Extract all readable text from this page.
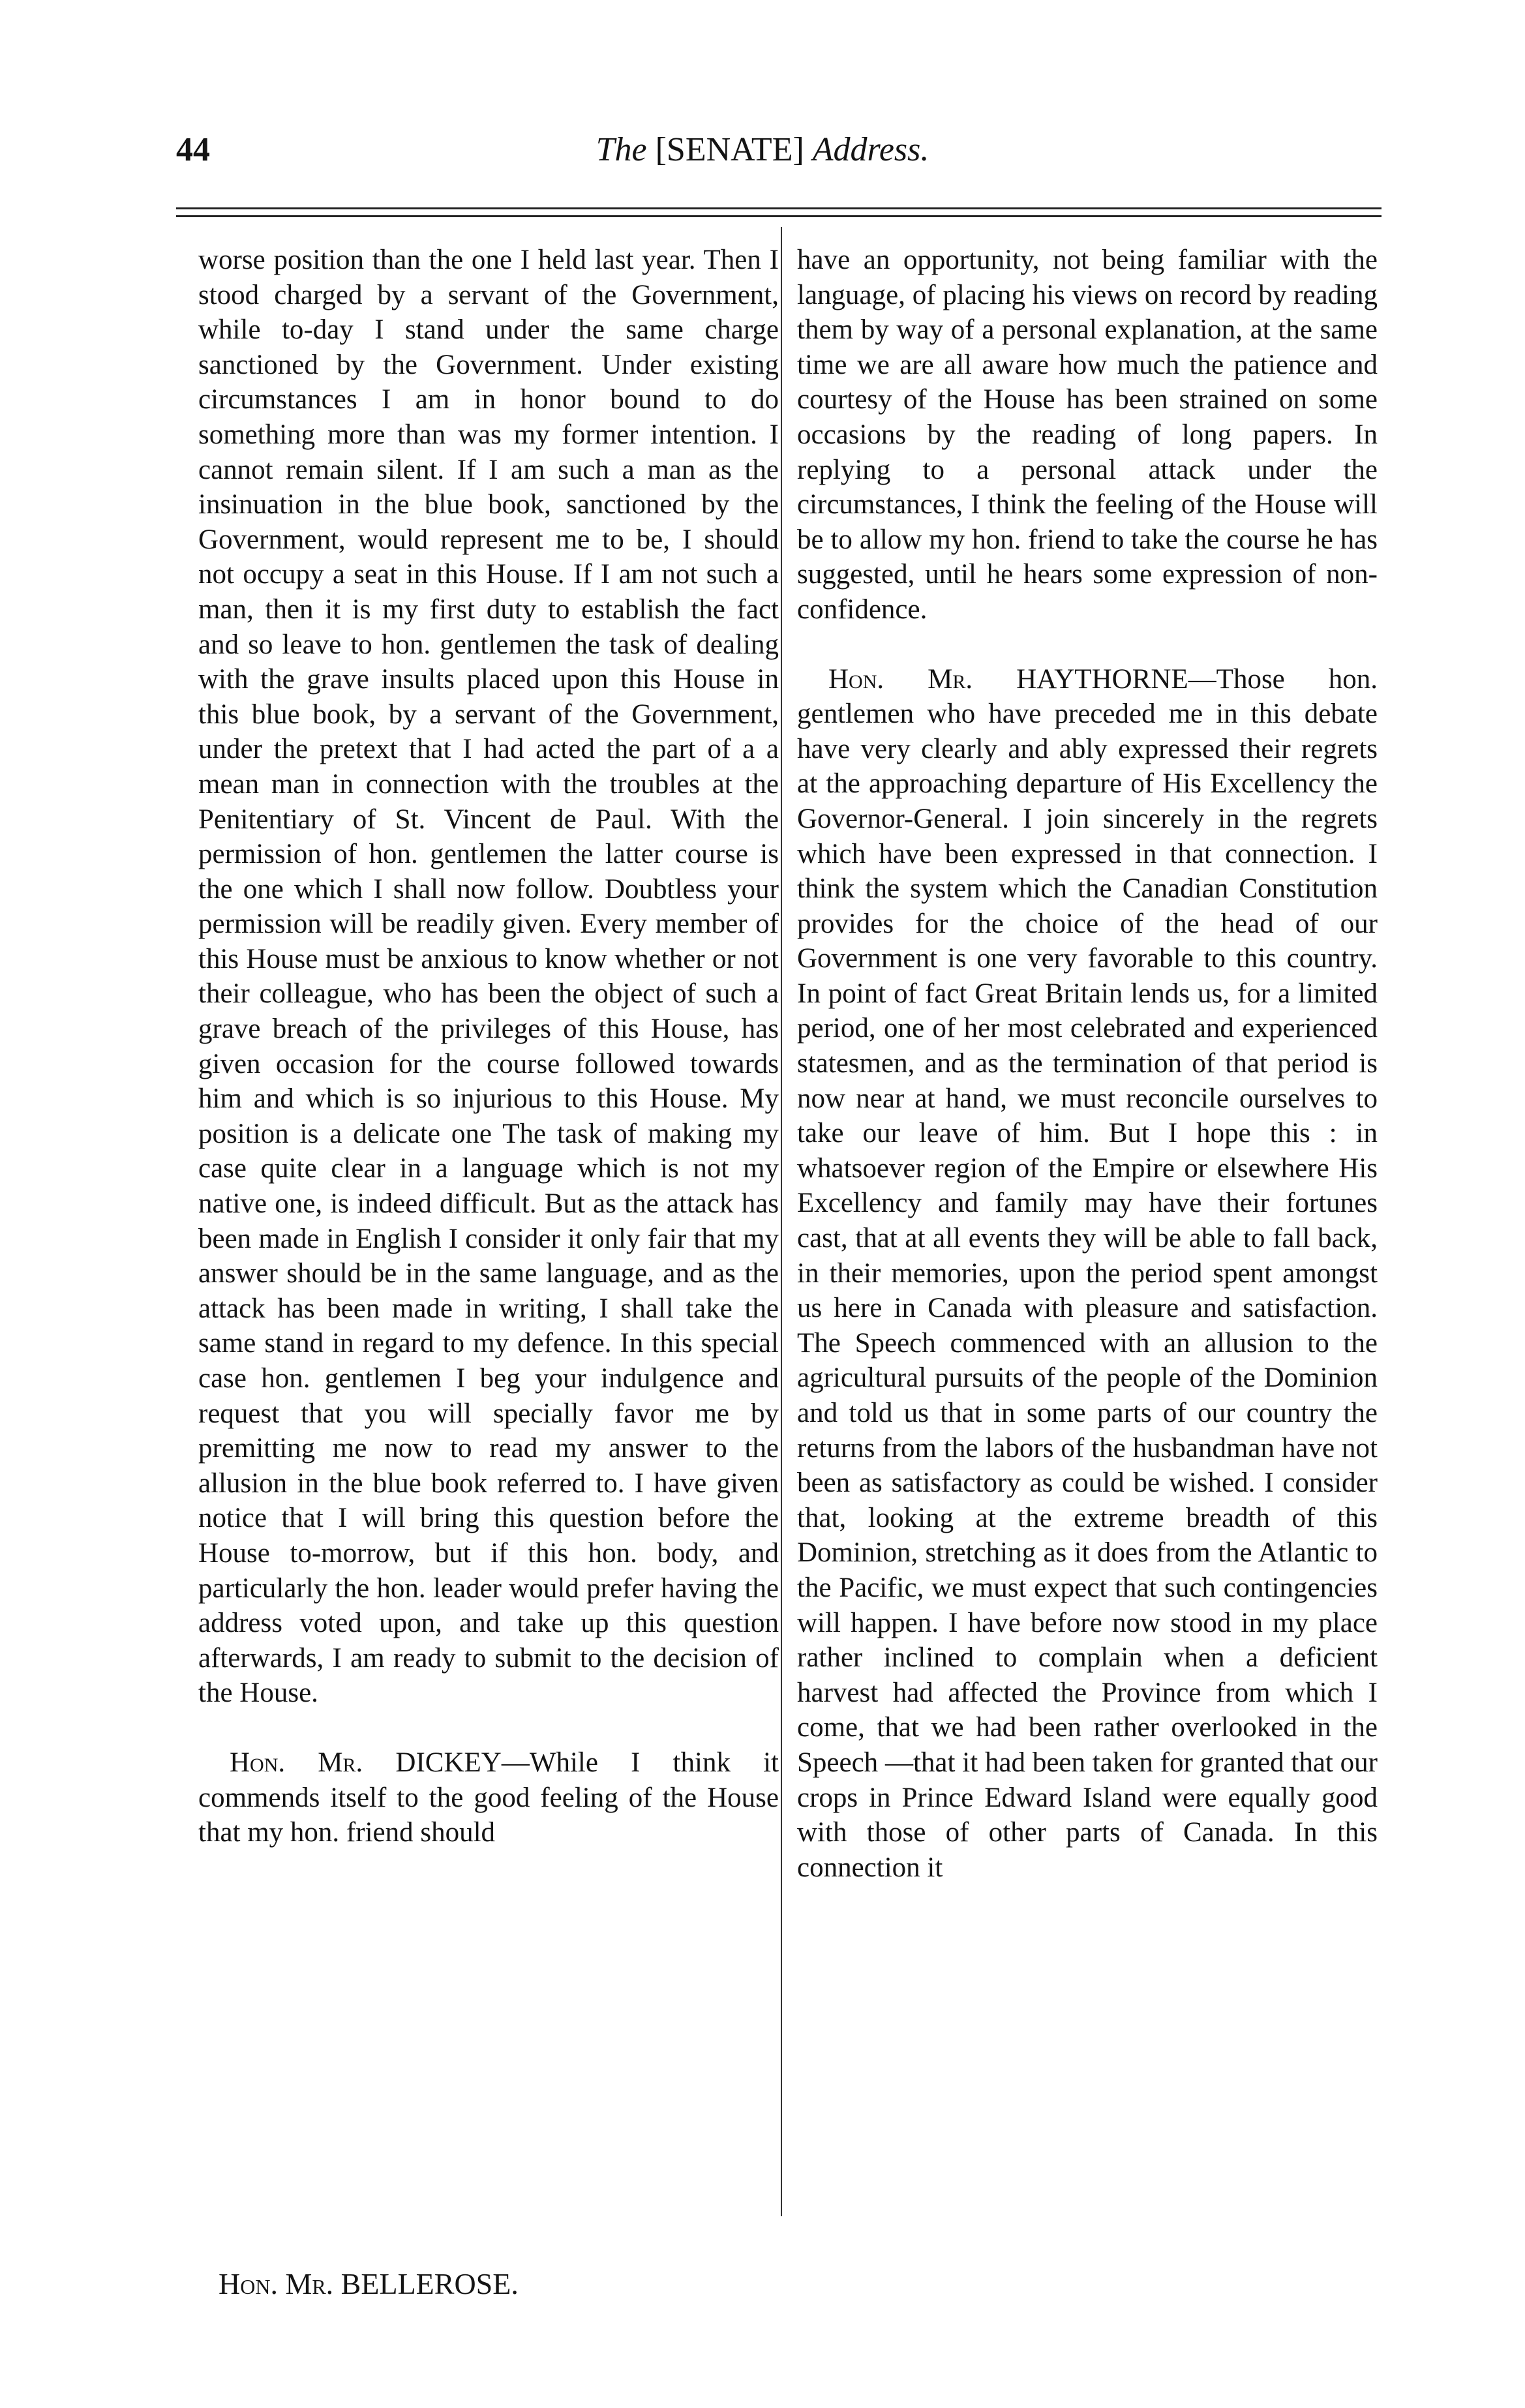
44	The [SENATE] Address.

worse position than the one I held last year. Then I stood charged by a servant of the Government, while to-day I stand under the same charge sanctioned by the Government. Under existing circumstances I am in honor bound to do something more than was my former intention. I cannot remain silent. If I am such a man as the insinuation in the blue book, sanctioned by the Government, would represent me to be, I should not occupy a seat in this House. If I am not such a man, then it is my first duty to establish the fact and so leave to hon. gentlemen the task of dealing with the grave insults placed upon this House in this blue book, by a servant of the Government, under the pretext that I had acted the part of a a mean man in connection with the troubles at the Penitentiary of St. Vincent de Paul. With the permission of hon. gentlemen the latter course is the one which I shall now follow. Doubtless your permission will be readily given. Every member of this House must be anxious to know whether or not their colleague, who has been the object of such a grave breach of the privileges of this House, has given occasion for the course followed towards him and which is so injurious to this House. My position is a delicate one The task of making my case quite clear in a language which is not my native one, is indeed difficult. But as the attack has been made in English I consider it only fair that my answer should be in the same language, and as the attack has been made in writing, I shall take the same stand in regard to my defence. In this special case hon. gentlemen I beg your indulgence and request that you will specially favor me by premitting me now to read my answer to the allusion in the blue book referred to. I have given notice that I will bring this question before the House to-morrow, but if this hon. body, and particularly the hon. leader would prefer having the address voted upon, and take up this question afterwards, I am ready to submit to the decision of the House.

Hon. Mr. DICKEY—While I think it commends itself to the good feeling of the House that my hon. friend should

have an opportunity, not being familiar with the language, of placing his views on record by reading them by way of a personal explanation, at the same time we are all aware how much the patience and courtesy of the House has been strained on some occasions by the reading of long papers. In replying to a personal attack under the circumstances, I think the feeling of the House will be to allow my hon. friend to take the course he has suggested, until he hears some expression of non-confidence.

Hon. Mr. HAYTHORNE—Those hon. gentlemen who have preceded me in this debate have very clearly and ably expressed their regrets at the approaching departure of His Excellency the Governor-General. I join sincerely in the regrets which have been expressed in that connection. I think the system which the Canadian Constitution provides for the choice of the head of our Government is one very favorable to this country. In point of fact Great Britain lends us, for a limited period, one of her most celebrated and experienced statesmen, and as the termination of that period is now near at hand, we must reconcile ourselves to take our leave of him. But I hope this : in whatsoever region of the Empire or elsewhere His Excellency and family may have their fortunes cast, that at all events they will be able to fall back, in their memories, upon the period spent amongst us here in Canada with pleasure and satisfaction. The Speech commenced with an allusion to the agricultural pursuits of the people of the Dominion and told us that in some parts of our country the returns from the labors of the husbandman have not been as satisfactory as could be wished. I consider that, looking at the extreme breadth of this Dominion, stretching as it does from the Atlantic to the Pacific, we must expect that such contingencies will happen. I have before now stood in my place rather inclined to complain when a deficient harvest had affected the Province from which I come, that we had been rather overlooked in the Speech —that it had been taken for granted that our crops in Prince Edward Island were equally good with those of other parts of Canada. In this connection it

Hon. Mr. BELLEROSE.
